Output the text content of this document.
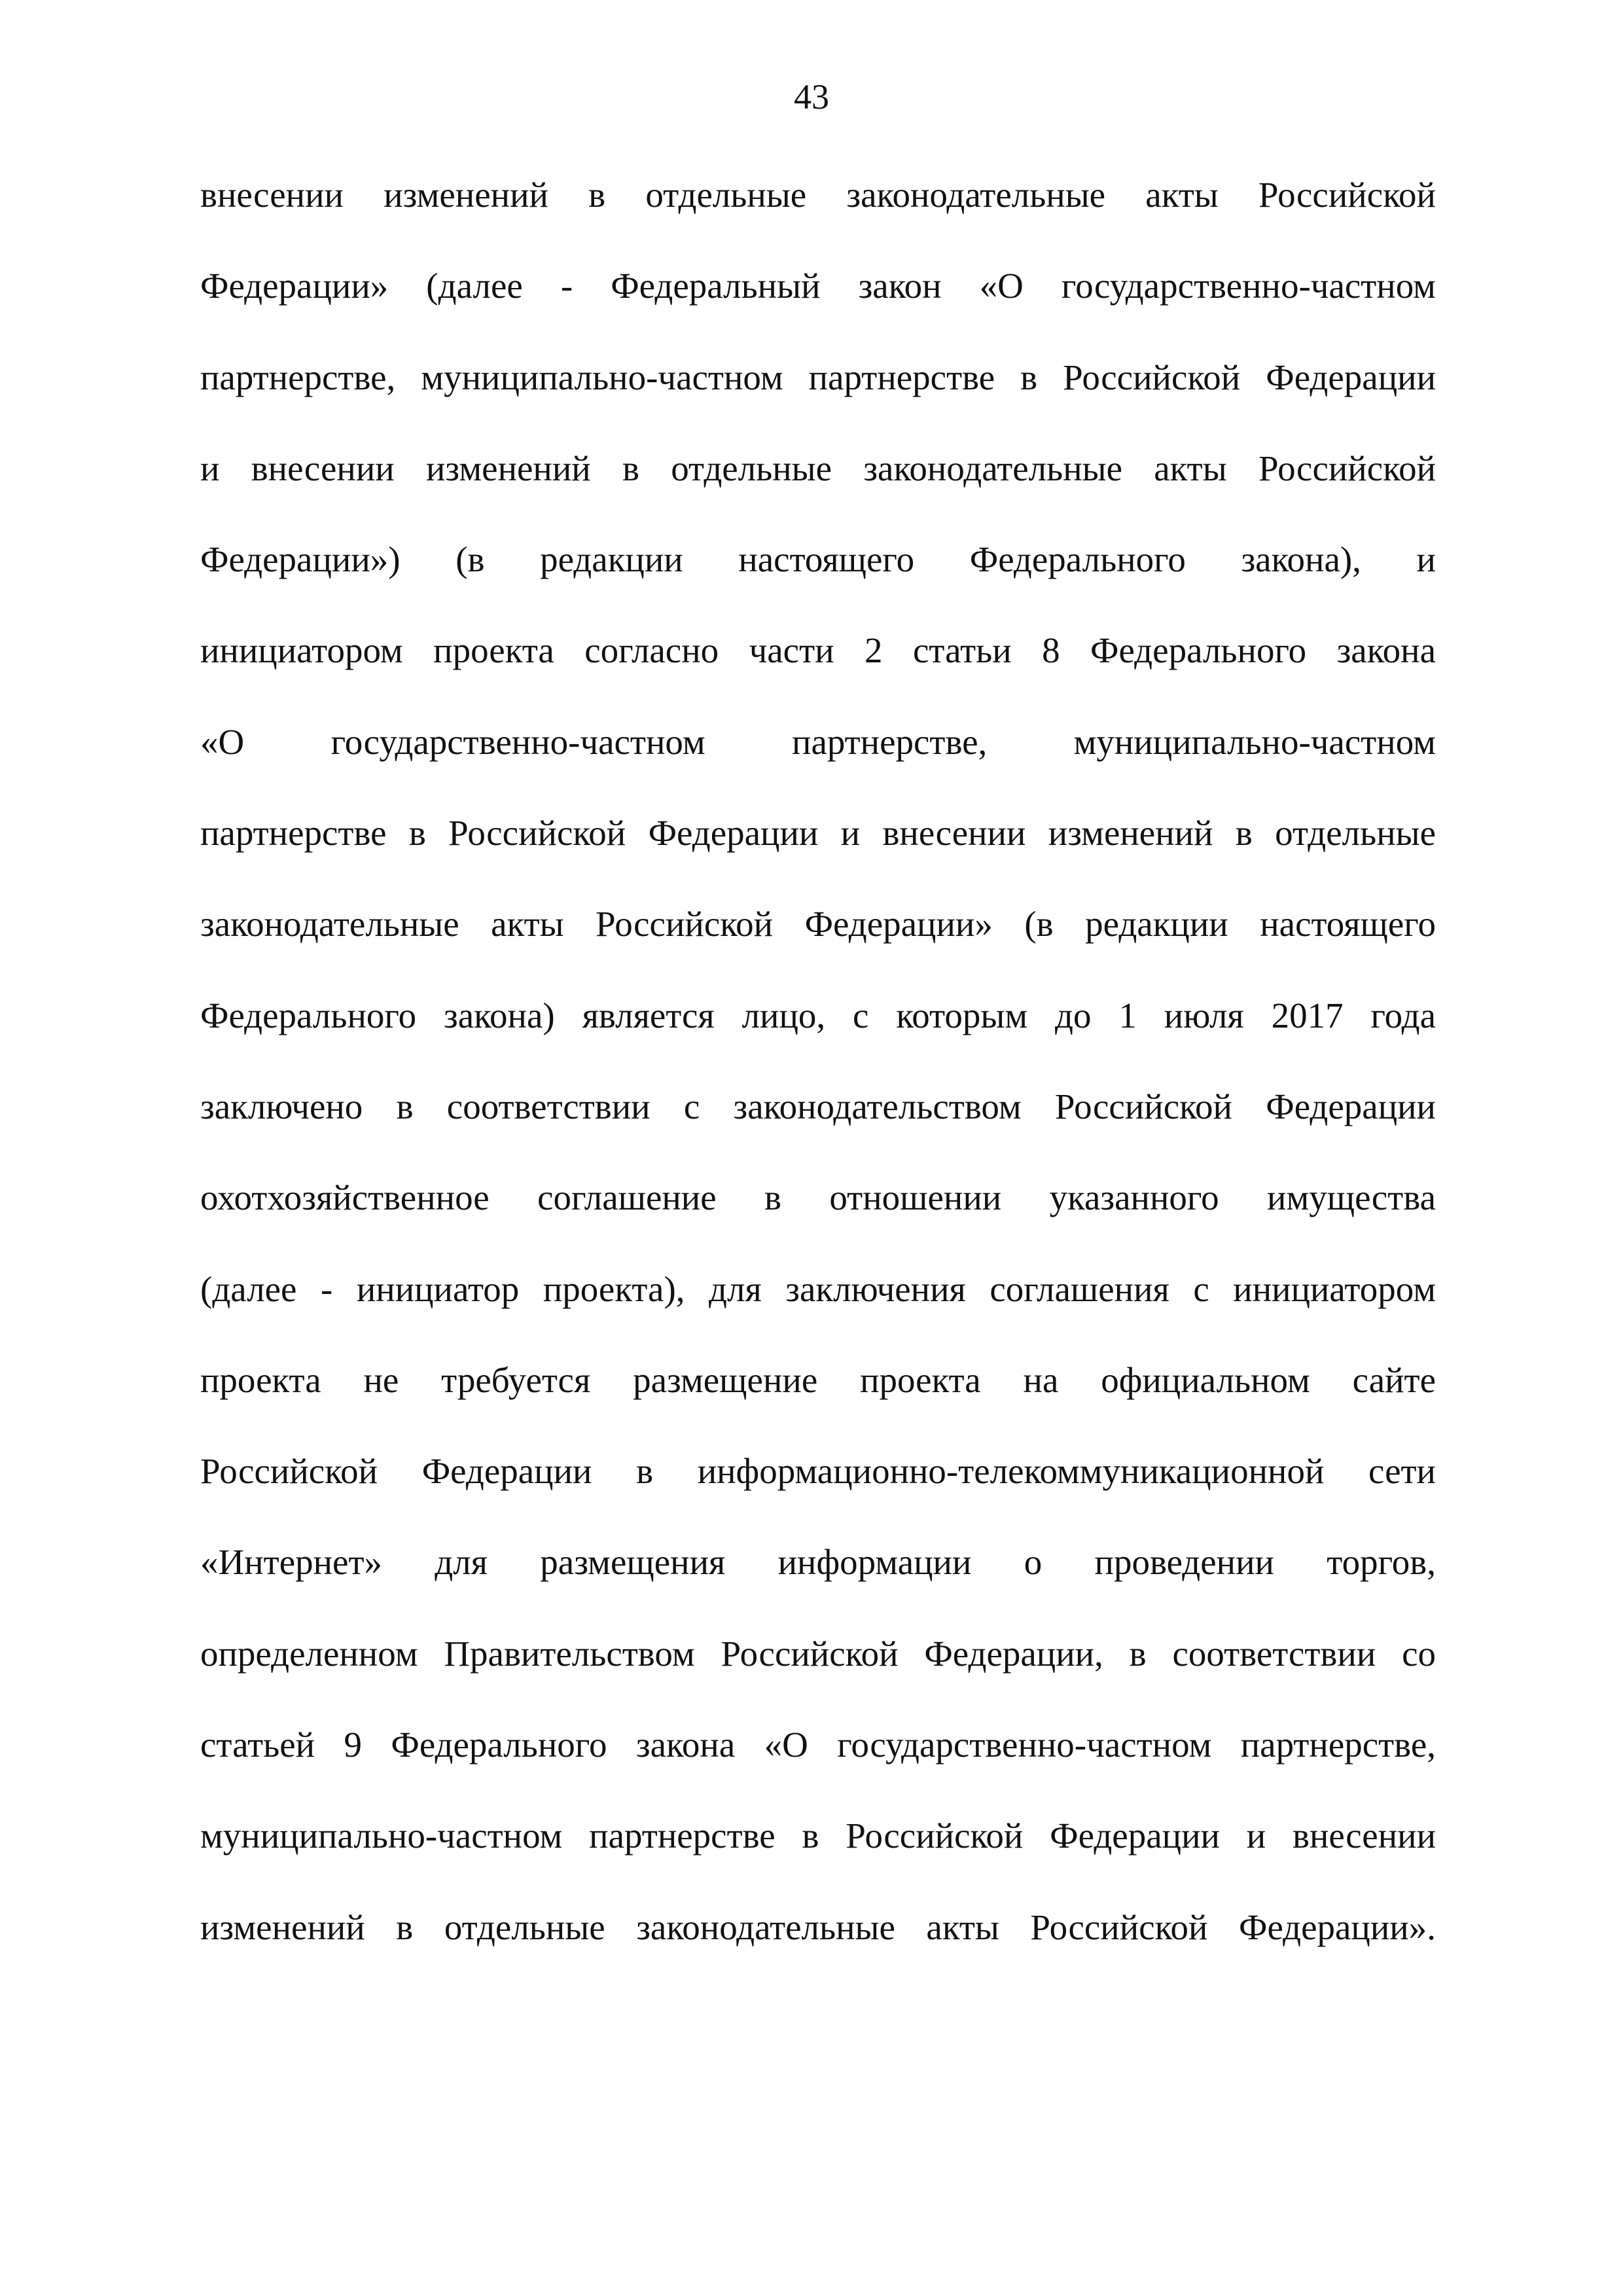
43
внесении изменений в отдельные законодательные акты Российской
Федерации» (далее - Федеральный закон «О государственно-частном
партнерстве, муниципально-частном партнерстве в Российской Федерации
и внесении изменений в отдельные законодательные акты Российской
Федерации») (в редакции настоящего Федерального закона), и
инициатором проекта согласно части 2 статьи 8 Федерального закона
«О государственно-частном партнерстве, муниципально-частном
партнерстве в Российской Федерации и внесении изменений в отдельные
законодательные акты Российской Федерации» (в редакции настоящего
Федерального закона) является лицо, с которым до 1 июля 2017 года
заключено в соответствии с законодательством Российской Федерации
охотхозяйственное соглашение в отношении указанного имущества
(далее - инициатор проекта), для заключения соглашения с инициатором
проекта не требуется размещение проекта на официальном сайте
Российской Федерации в информационно-телекоммуникационной сети
«Интернет» для размещения информации о проведении торгов,
определенном Правительством Российской Федерации, в соответствии со
статьей 9 Федерального закона «О государственно-частном партнерстве,
муниципально-частном партнерстве в Российской Федерации и внесении
изменений в отдельные законодательные акты Российской Федерации».
